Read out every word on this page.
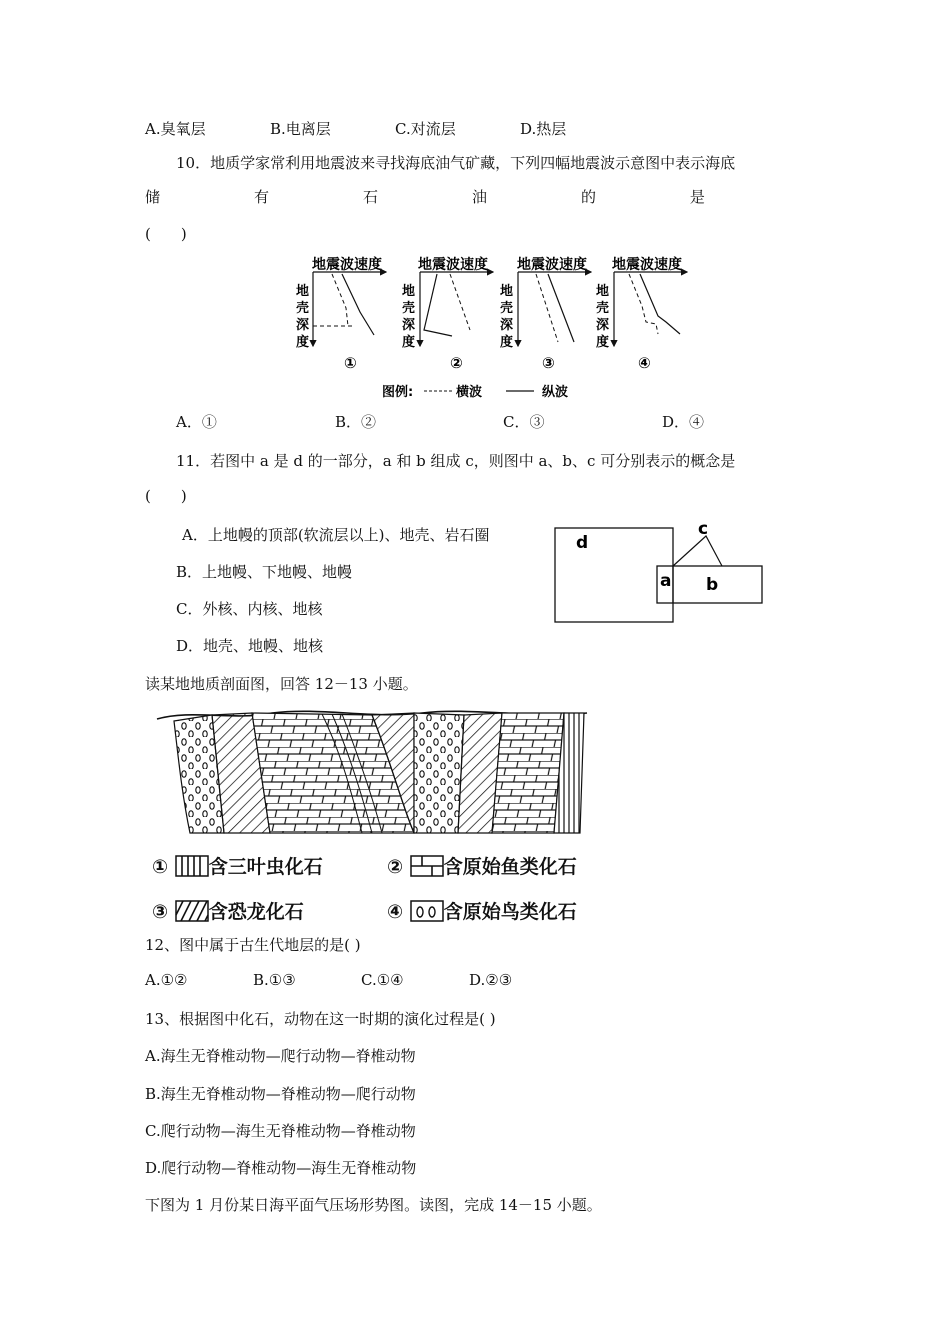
A.臭氧层	B.电离层	C.对流层	D.热层
10．地质学家常利用地震波来寻找海底油气矿藏，下列四幅地震波示意图中表示海底
储	有	石	油	的	是
(　　)
地震波速度
地
壳
深
度
①
地震波速度
地
壳
深
度
②
地震波速度
地
壳
深
度
③
地震波速度
地
壳
深
度
④
图例:	横波	纵波
A．①	B．②	C．③	D．④
11．若图中 a 是 d 的一部分，a 和 b 组成 c，则图中 a、b、c 可分别表示的概念是
(　　)
A．上地幔的顶部(软流层以上)、地壳、岩石圈
B．上地幔、下地幔、地幔
C．外核、内核、地核
D．地壳、地幔、地核
d
c
a b
读某地地质剖面图，回答 12－13 小题。
① 含三叶虫化石	② 含原始鱼类化石
③ 含恐龙化石	④ 含原始鸟类化石
12、图中属于古生代地层的是( )
A.①②	B.①③	C.①④	D.②③
13、根据图中化石，动物在这一时期的演化过程是( )
A.海生无脊椎动物—爬行动物—脊椎动物
B.海生无脊椎动物—脊椎动物—爬行动物
C.爬行动物—海生无脊椎动物—脊椎动物
D.爬行动物—脊椎动物—海生无脊椎动物
下图为 1 月份某日海平面气压场形势图。读图，完成 14－15 小题。
